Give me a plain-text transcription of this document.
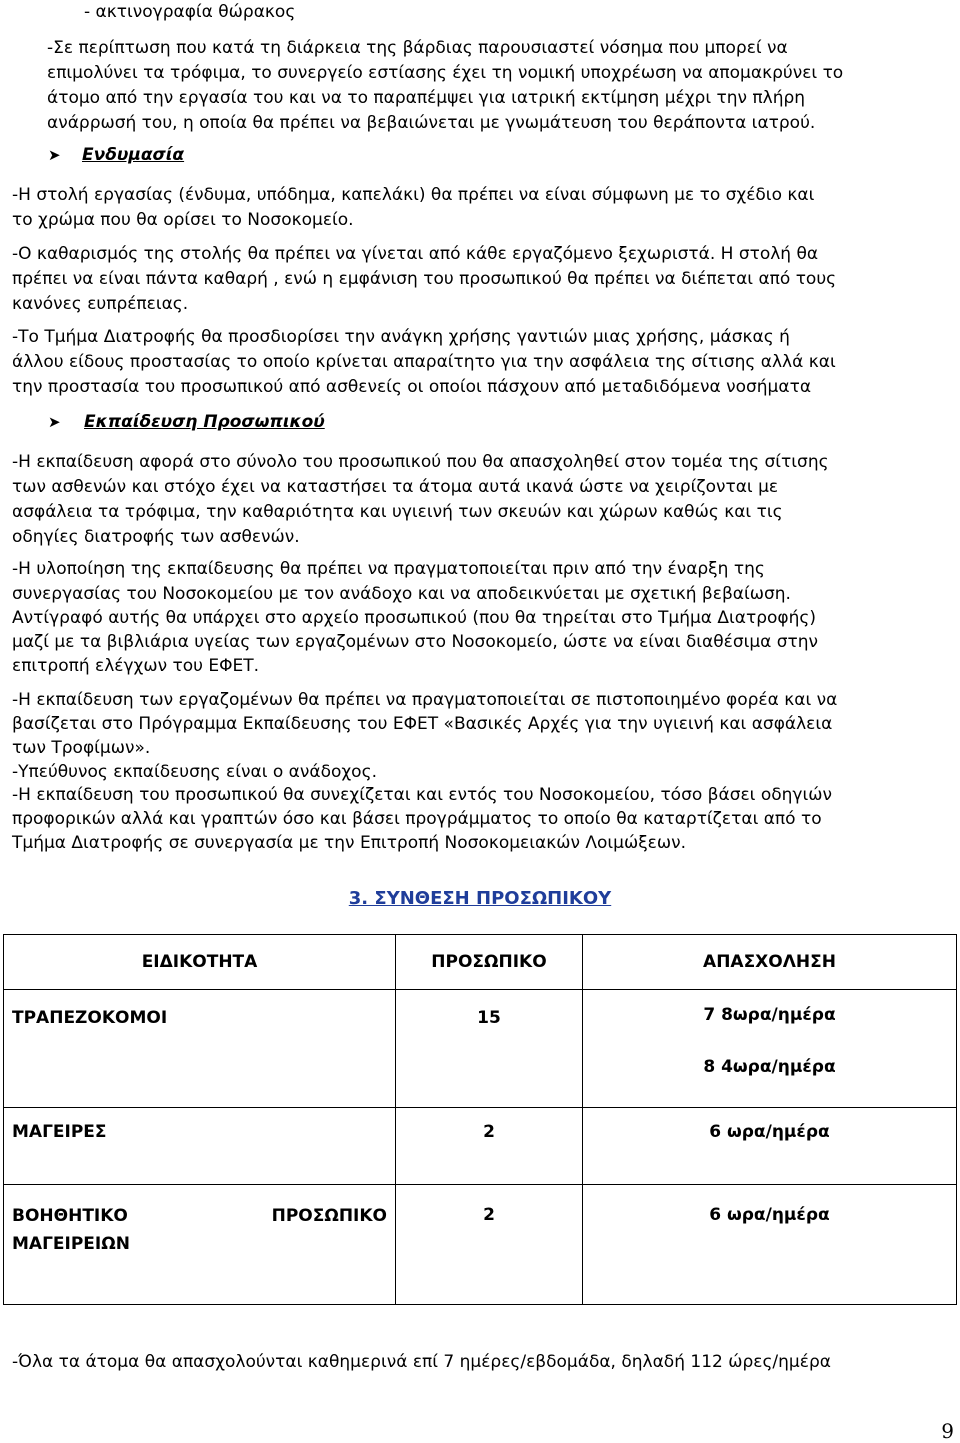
- ακτινογραφία θώρακος
-Σε περίπτωση που κατά τη διάρκεια της βάρδιας παρουσιαστεί νόσημα που μπορεί να
επιμολύνει τα τρόφιμα, το συνεργείο εστίασης έχει τη νομική υποχρέωση να απομακρύνει το
άτομο από την εργασία του και να το παραπέμψει για ιατρική εκτίμηση μέχρι την πλήρη
ανάρρωσή του, η οποία θα πρέπει να βεβαιώνεται με γνωμάτευση του θεράποντα ιατρού.
➤ Ενδυμασία
-Η στολή εργασίας (ένδυμα, υπόδημα, καπελάκι) θα πρέπει να είναι σύμφωνη με το σχέδιο και
το χρώμα που θα ορίσει το Νοσοκομείο.
-Ο καθαρισμός της στολής θα πρέπει να γίνεται από κάθε εργαζόμενο ξεχωριστά. Η στολή θα
πρέπει να είναι πάντα καθαρή , ενώ η εμφάνιση του προσωπικού θα πρέπει να διέπεται από τους
κανόνες ευπρέπειας.
-Το Τμήμα Διατροφής θα προσδιορίσει την ανάγκη χρήσης γαντιών μιας χρήσης, μάσκας ή
άλλου είδους προστασίας το οποίο κρίνεται απαραίτητο για την ασφάλεια της σίτισης αλλά και
την προστασία του προσωπικού από ασθενείς οι οποίοι πάσχουν από μεταδιδόμενα νοσήματα
➤ Εκπαίδευση Προσωπικού
-Η εκπαίδευση αφορά στο σύνολο του προσωπικού που θα απασχοληθεί στον τομέα της σίτισης
των ασθενών και στόχο έχει να καταστήσει τα άτομα αυτά ικανά ώστε να χειρίζονται με
ασφάλεια τα τρόφιμα, την καθαριότητα και υγιεινή των σκευών και χώρων καθώς και τις
οδηγίες διατροφής των ασθενών.
-Η υλοποίηση της εκπαίδευσης θα πρέπει να πραγματοποιείται πριν από την έναρξη της
συνεργασίας του Νοσοκομείου με τον ανάδοχο και να αποδεικνύεται με σχετική βεβαίωση.
Αντίγραφό αυτής θα υπάρχει στο αρχείο προσωπικού (που θα τηρείται στο Τμήμα Διατροφής)
μαζί με τα βιβλιάρια υγείας των εργαζομένων στο Νοσοκομείο, ώστε να είναι διαθέσιμα στην
επιτροπή ελέγχων του ΕΦΕΤ.
-Η εκπαίδευση των εργαζομένων θα πρέπει να πραγματοποιείται σε πιστοποιημένο φορέα και να
βασίζεται στο Πρόγραμμα Εκπαίδευσης του ΕΦΕΤ «Βασικές Αρχές για την υγιεινή και ασφάλεια
των Τροφίμων».
-Υπεύθυνος εκπαίδευσης είναι ο ανάδοχος.
-Η εκπαίδευση του προσωπικού θα συνεχίζεται και εντός του Νοσοκομείου, τόσο βάσει οδηγιών
προφορικών αλλά και γραπτών όσο και βάσει προγράμματος το οποίο θα καταρτίζεται από το
Τμήμα Διατροφής σε συνεργασία με την Επιτροπή Νοσοκομειακών Λοιμώξεων.
3. ΣΥΝΘΕΣΗ ΠΡΟΣΩΠΙΚΟΥ
ΕΙΔΙΚΟΤΗΤΑ	ΠΡΟΣΩΠΙΚΟ	ΑΠΑΣΧΟΛΗΣΗ
ΤΡΑΠΕΖΟΚΟΜΟΙ	15	7 8ωρα/ημέρα
8 4ωρα/ημέρα

ΜΑΓΕΙΡΕΣ	2	6 ωρα/ημέρα

ΒΟΗΘΗΤΙΚΟ ΠΡΟΣΩΠΙΚΟ
ΜΑΓΕΙΡΕΙΩΝ	2	6 ωρα/ημέρα
-Όλα τα άτομα θα απασχολούνται καθημερινά επί 7 ημέρες/εβδομάδα, δηλαδή 112 ώρες/ημέρα
9
